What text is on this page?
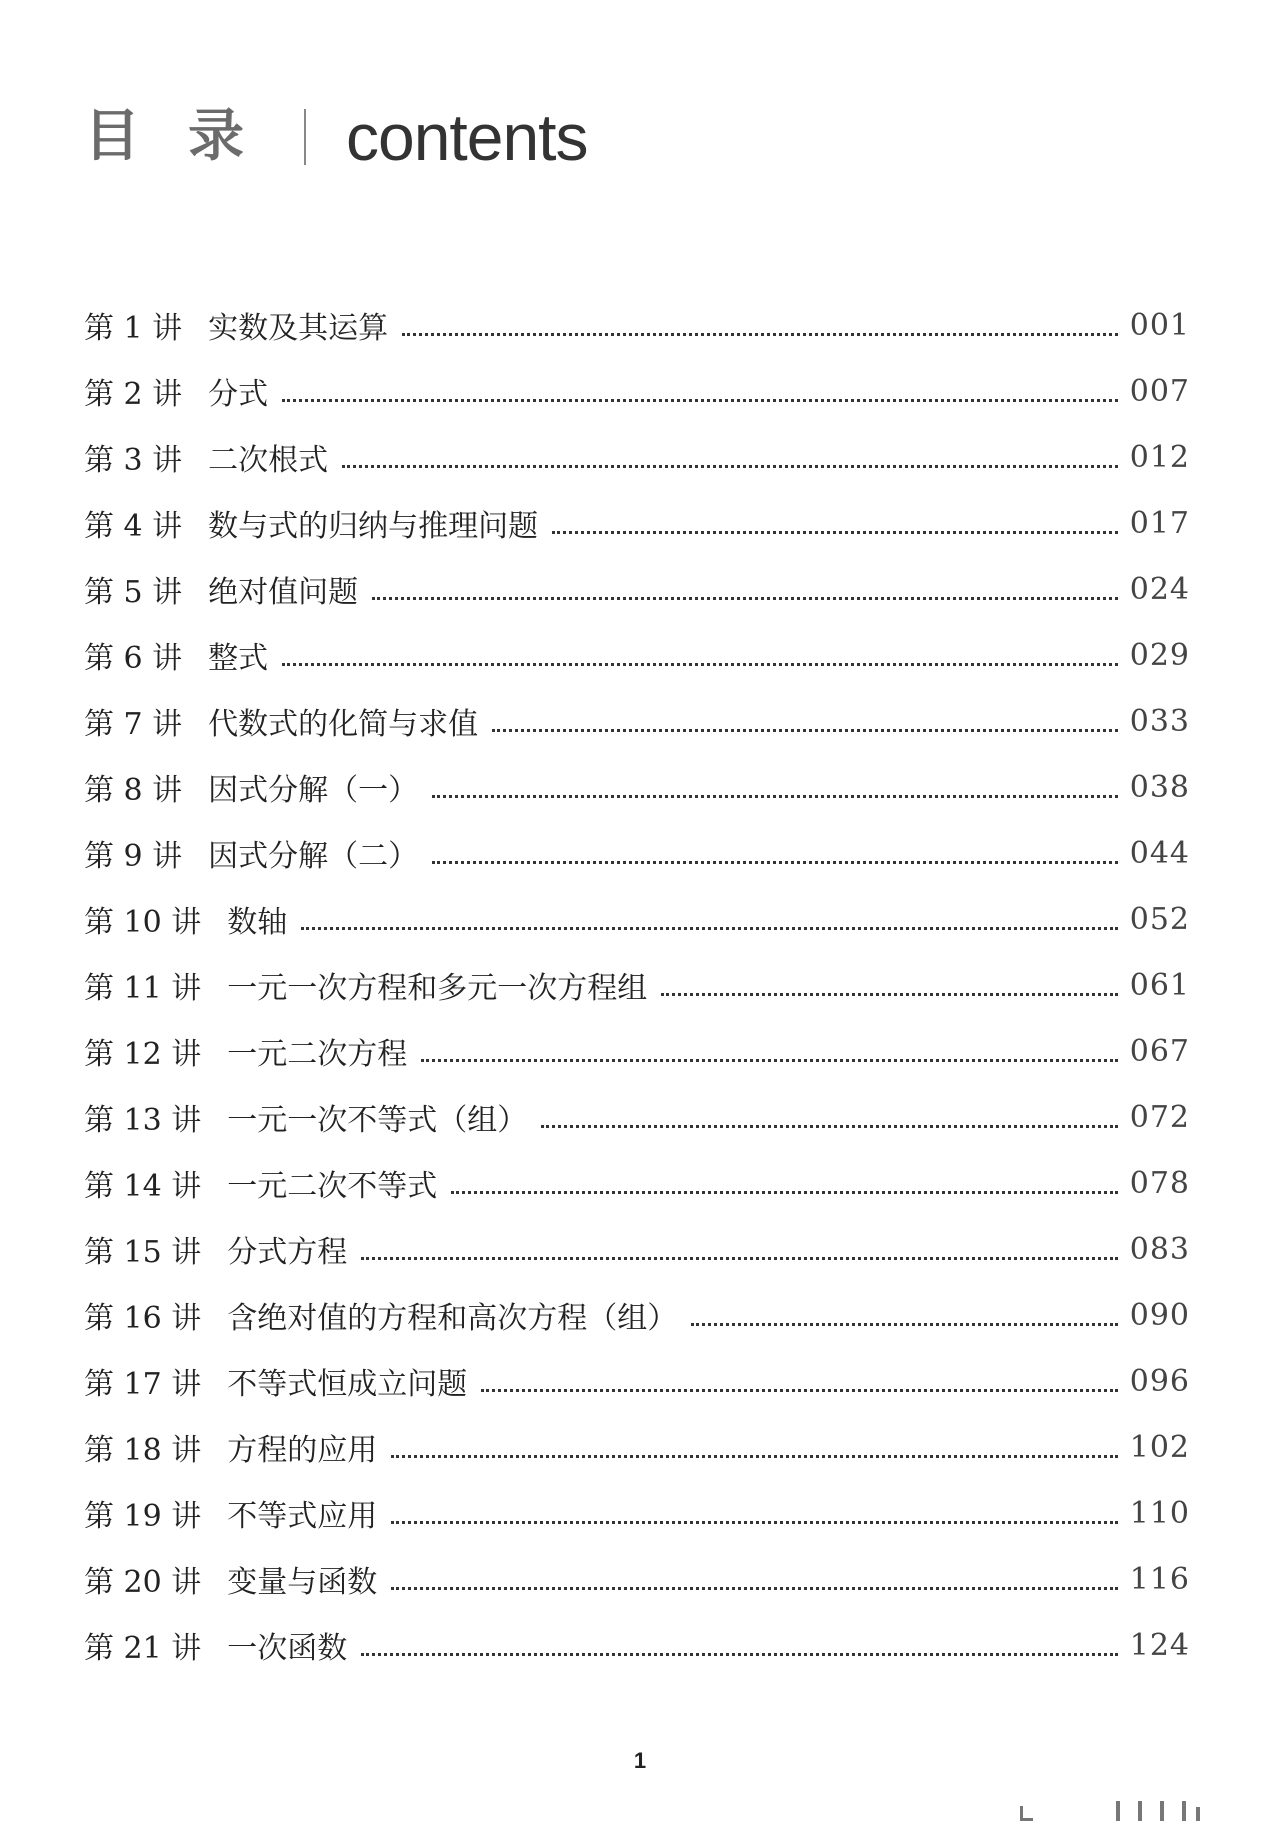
目录 contents
第 1 讲 实数及其运算	001
第 2 讲 分式	007
第 3 讲 二次根式	012
第 4 讲 数与式的归纳与推理问题	017
第 5 讲 绝对值问题	024
第 6 讲 整式	029
第 7 讲 代数式的化简与求值	033
第 8 讲 因式分解（一）	038
第 9 讲 因式分解（二）	044
第 10 讲 数轴	052
第 11 讲 一元一次方程和多元一次方程组	061
第 12 讲 一元二次方程	067
第 13 讲 一元一次不等式（组）	072
第 14 讲 一元二次不等式	078
第 15 讲 分式方程	083
第 16 讲 含绝对值的方程和高次方程（组）	090
第 17 讲 不等式恒成立问题	096
第 18 讲 方程的应用	102
第 19 讲 不等式应用	110
第 20 讲 变量与函数	116
第 21 讲 一次函数	124
1
